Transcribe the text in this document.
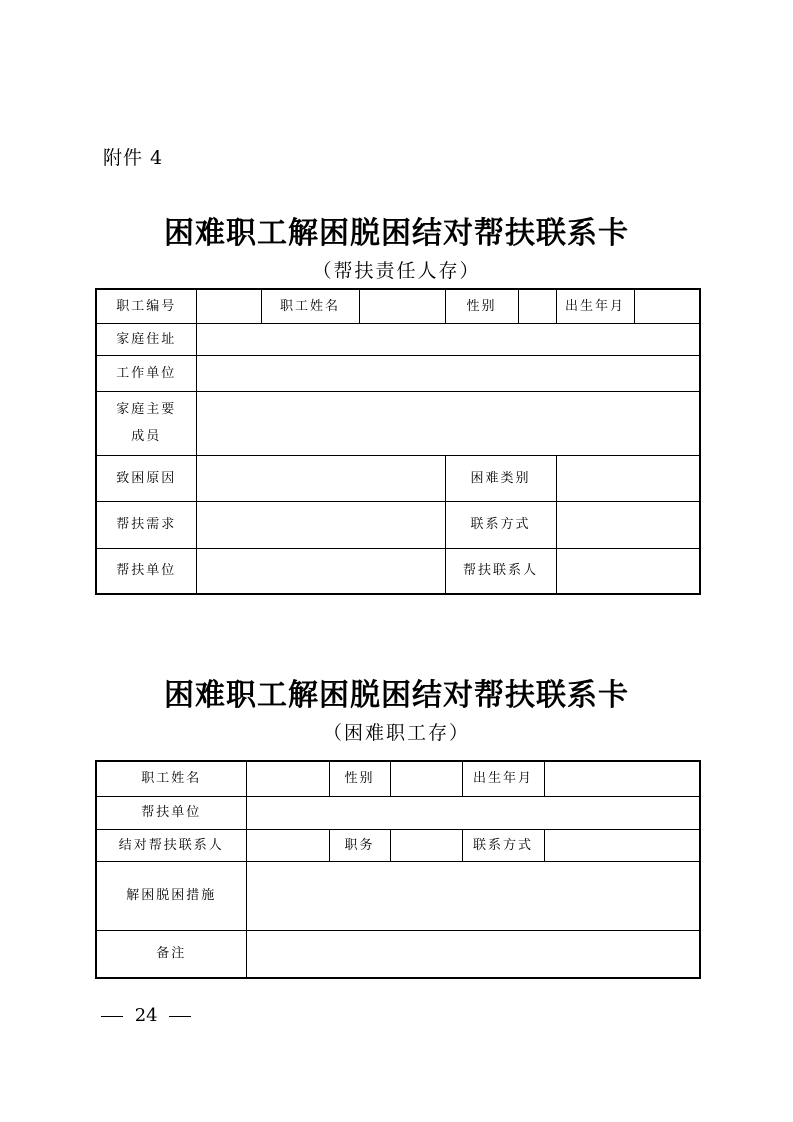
附件 4
困难职工解困脱困结对帮扶联系卡
（帮扶责任人存）
职工编号		职工姓名		性别		出生年月	
家庭住址							
工作单位							

家庭主要
成员							

致困原因				困难类别			
帮扶需求				联系方式			
帮扶单位				帮扶联系人			
困难职工解困脱困结对帮扶联系卡
（困难职工存）
职工姓名		性别		出生年月	
帮扶单位					
结对帮扶联系人		职务		联系方式	
解困脱困措施					
备注					
24
